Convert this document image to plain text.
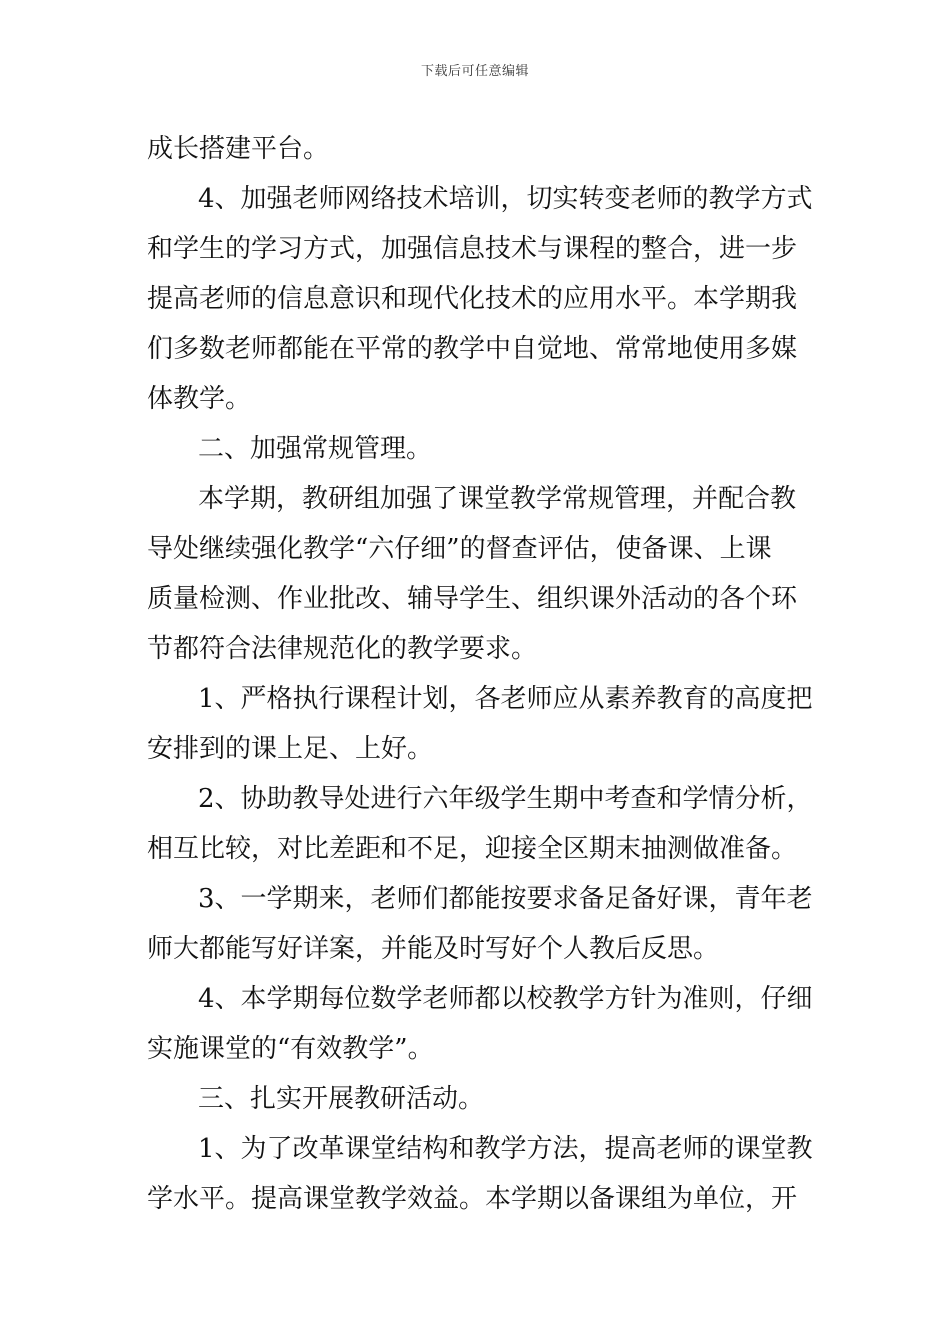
下载后可任意编辑
成长搭建平台。
4、加强老师网络技术培训，切实转变老师的教学方式
和学生的学习方式，加强信息技术与课程的整合，进一步
提高老师的信息意识和现代化技术的应用水平。本学期我
们多数老师都能在平常的教学中自觉地、常常地使用多媒
体教学。
二、加强常规管理。
本学期，教研组加强了课堂教学常规管理，并配合教
导处继续强化教学“六仔细”的督查评估，使备课、上课
质量检测、作业批改、辅导学生、组织课外活动的各个环
节都符合法律规范化的教学要求。
1、严格执行课程计划，各老师应从素养教育的高度把
安排到的课上足、上好。
2、协助教导处进行六年级学生期中考查和学情分析，
相互比较，对比差距和不足，迎接全区期末抽测做准备。
3、一学期来，老师们都能按要求备足备好课，青年老
师大都能写好详案，并能及时写好个人教后反思。
4、本学期每位数学老师都以校教学方针为准则，仔细
实施课堂的“有效教学”。
三、扎实开展教研活动。
1、为了改革课堂结构和教学方法，提高老师的课堂教
学水平。提高课堂教学效益。本学期以备课组为单位，开
